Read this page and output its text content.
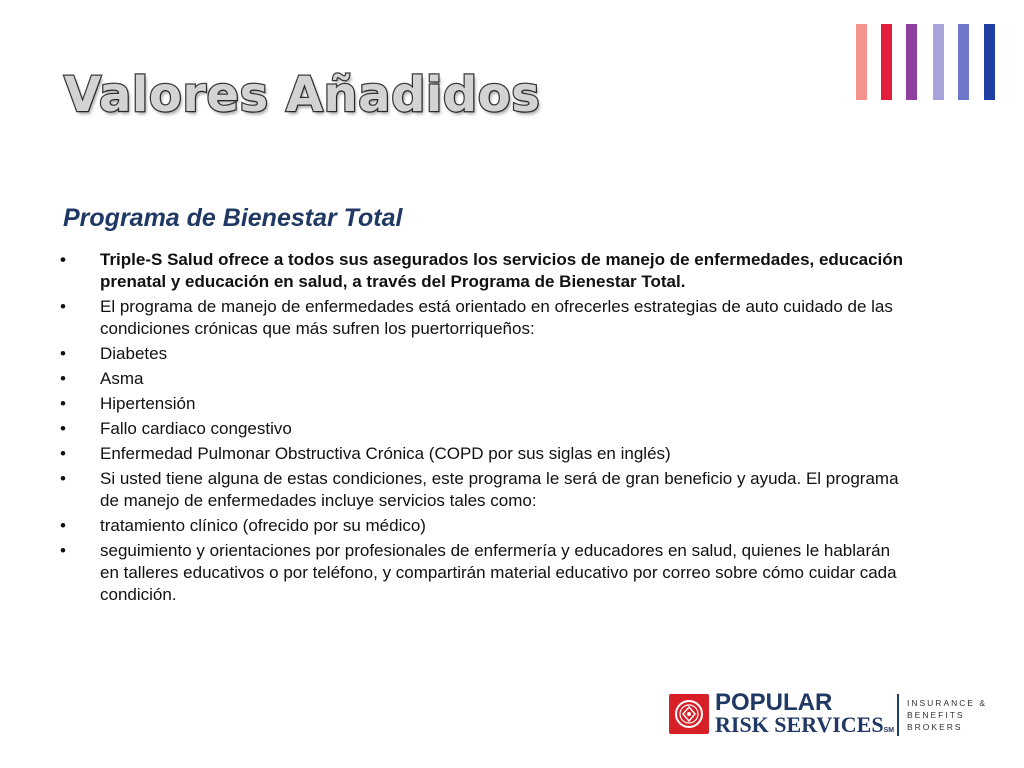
Valores Añadidos
Programa de Bienestar Total
• Triple-S Salud ofrece a todos sus asegurados los servicios de manejo de enfermedades, educación prenatal y educación en salud, a través del Programa de Bienestar Total.
• El programa de manejo de enfermedades está orientado en ofrecerles estrategias de auto cuidado de las condiciones crónicas que más sufren los puertorriqueños:
• Diabetes
• Asma
• Hipertensión
• Fallo cardiaco congestivo
• Enfermedad Pulmonar Obstructiva Crónica (COPD por sus siglas en inglés)
• Si usted tiene alguna de estas condiciones, este programa le será de gran beneficio y ayuda. El programa de manejo de enfermedades incluye servicios tales como:
• tratamiento clínico (ofrecido por su médico)
• seguimiento y orientaciones por profesionales de enfermería y educadores en salud, quienes le hablarán en talleres educativos o por teléfono, y compartirán material educativo por correo sobre cómo cuidar cada condición.
POPULAR
RISK SERVICESSM
INSURANCE &
BENEFITS
BROKERS
